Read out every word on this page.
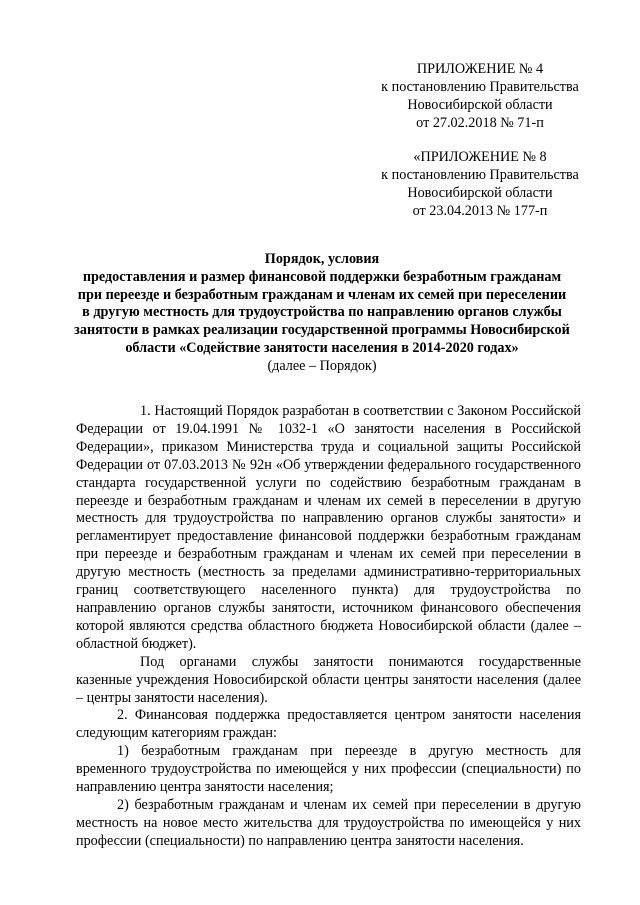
ПРИЛОЖЕНИЕ № 4
к постановлению Правительства
Новосибирской области
от 27.02.2018 № 71-п
«ПРИЛОЖЕНИЕ № 8
к постановлению Правительства
Новосибирской области
от 23.04.2013 № 177-п
Порядок, условия
предоставления и размер финансовой поддержки безработным гражданам
при переезде и безработным гражданам и членам их семей при переселении
в другую местность для трудоустройства по направлению органов службы
занятости в рамках реализации государственной программы Новосибирской
области «Содействие занятости населения в 2014-2020 годах»
(далее – Порядок)

1. Настоящий Порядок разработан в соответствии с Законом Российской Федерации от 19.04.1991 № 1032-1 «О занятости населения в Российской Федерации», приказом Министерства труда и социальной защиты Российской Федерации от 07.03.2013 № 92н «Об утверждении федерального государственного стандарта государственной услуги по содействию безработным гражданам в переезде и безработным гражданам и членам их семей в переселении в другую местность для трудоустройства по направлению органов службы занятости» и регламентирует предоставление финансовой поддержки безработным гражданам при переезде и безработным гражданам и членам их семей при переселении в другую местность (местность за пределами административно-территориальных границ соответствующего населенного пункта) для трудоустройства по направлению органов службы занятости, источником финансового обеспечения которой являются средства областного бюджета Новосибирской области (далее – областной бюджет).

Под органами службы занятости понимаются государственные казенные учреждения Новосибирской области центры занятости населения (далее – центры занятости населения).

2. Финансовая поддержка предоставляется центром занятости населения следующим категориям граждан:

1) безработным гражданам при переезде в другую местность для временного трудоустройства по имеющейся у них профессии (специальности) по направлению центра занятости населения;

2) безработным гражданам и членам их семей при переселении в другую местность на новое место жительства для трудоустройства по имеющейся у них профессии (специальности) по направлению центра занятости населения.
